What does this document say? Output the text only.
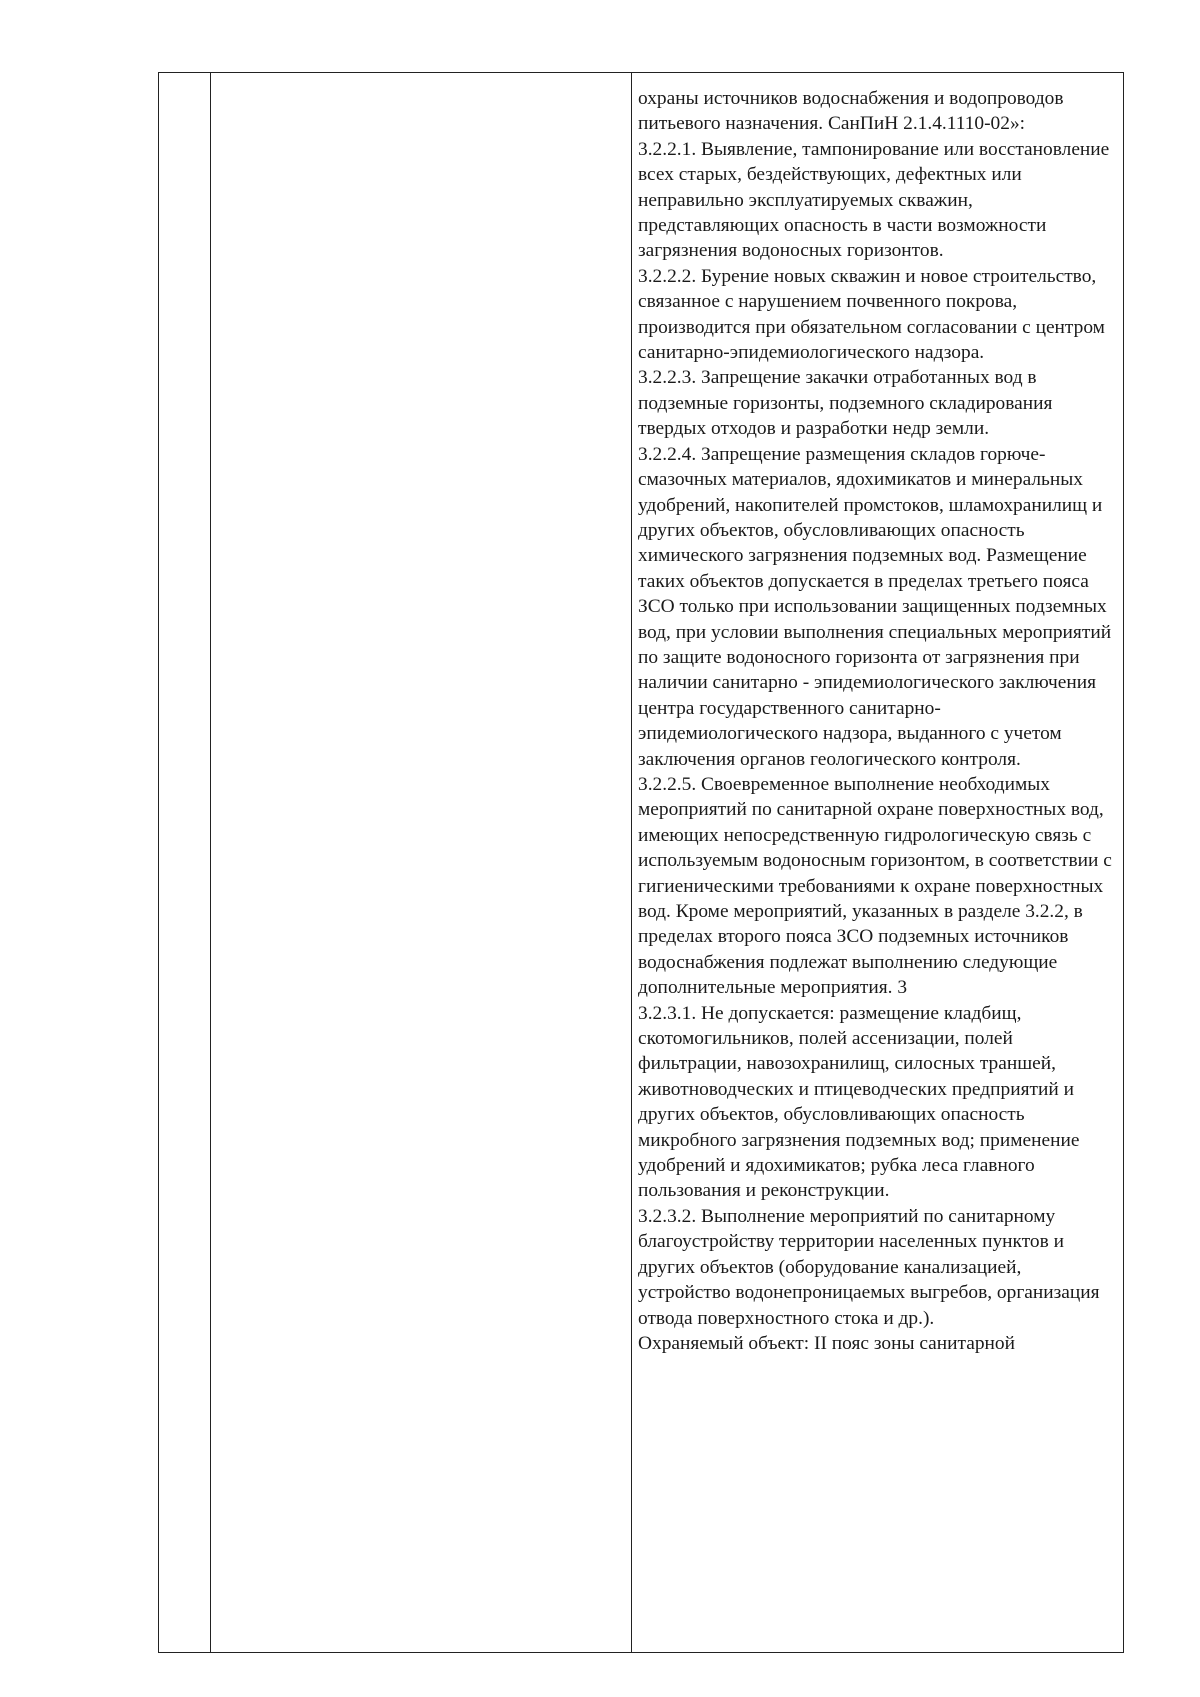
охраны источников водоснабжения и водопроводов питьевого назначения. СанПиН 2.1.4.1110-02»:

3.2.2.1. Выявление, тампонирование или восстановление всех старых, бездействующих, дефектных или неправильно эксплуатируемых скважин, представляющих опасность в части возможности загрязнения водоносных горизонтов.

3.2.2.2. Бурение новых скважин и новое строительство, связанное с нарушением почвенного покрова, производится при обязательном согласовании с центром санитарно-эпидемиологического надзора.

3.2.2.3. Запрещение закачки отработанных вод в подземные горизонты, подземного складирования твердых отходов и разработки недр земли.

3.2.2.4. Запрещение размещения складов горюче-смазочных материалов, ядохимикатов и минеральных удобрений, накопителей промстоков, шламохранилищ и других объектов, обусловливающих опасность химического загрязнения подземных вод. Размещение таких объектов допускается в пределах третьего пояса ЗСО только при использовании защищенных подземных вод, при условии выполнения специальных мероприятий по защите водоносного горизонта от загрязнения при наличии санитарно - эпидемиологического заключения центра государственного санитарно-эпидемиологического надзора, выданного с учетом заключения органов геологического контроля.

3.2.2.5. Своевременное выполнение необходимых мероприятий по санитарной охране поверхностных вод, имеющих непосредственную гидрологическую связь с используемым водоносным горизонтом, в соответствии с гигиеническими требованиями к охране поверхностных вод. Кроме мероприятий, указанных в разделе 3.2.2, в пределах второго пояса ЗСО подземных источников водоснабжения подлежат выполнению следующие дополнительные мероприятия. 3

3.2.3.1. Не допускается: размещение кладбищ, скотомогильников, полей ассенизации, полей фильтрации, навозохранилищ, силосных траншей, животноводческих и птицеводческих предприятий и других объектов, обусловливающих опасность микробного загрязнения подземных вод; применение удобрений и ядохимикатов; рубка леса главного пользования и реконструкции.

3.2.3.2. Выполнение мероприятий по санитарному благоустройству территории населенных пунктов и других объектов (оборудование канализацией, устройство водонепроницаемых выгребов, организация отвода поверхностного стока и др.).

Охраняемый объект: II пояс зоны санитарной
